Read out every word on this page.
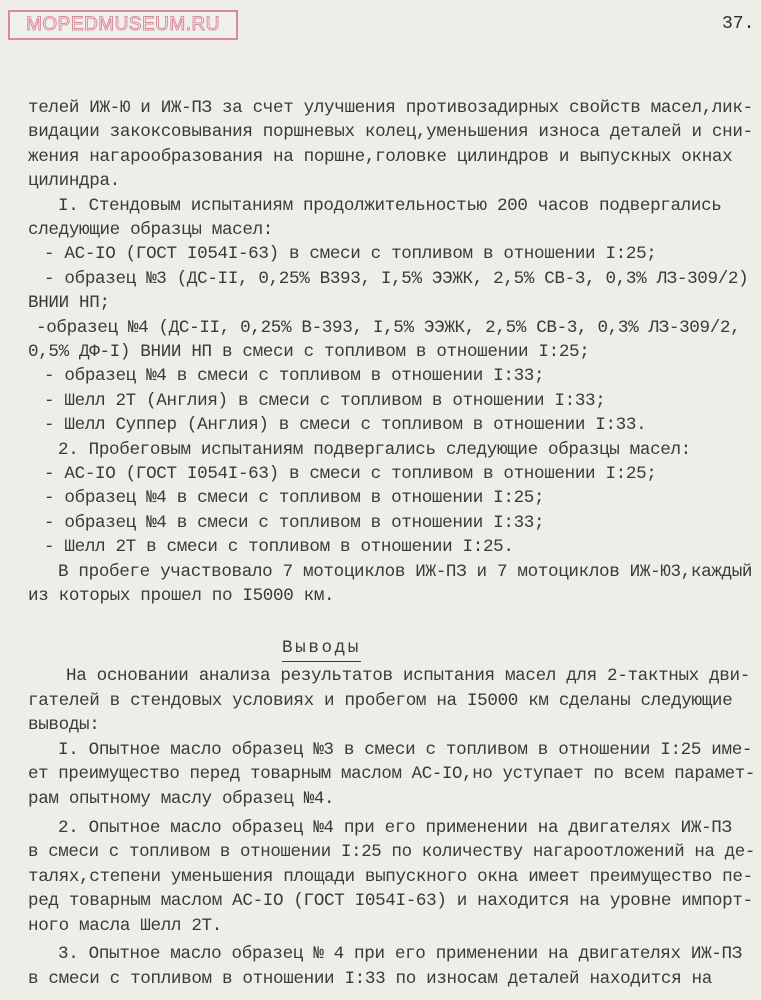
MOPEDMUSEUM.RU	37.
телей ИЖ-Ю и ИЖ-ПЗ за счет улучшения противозадирных свойств масел,лик-
видации закоксовывания поршневых колец,уменьшения износа деталей и сни-
жения нагарообразования на поршне,головке цилиндров и выпускных окнах
цилиндра.
I. Стендовым испытаниям продолжительностью 200 часов подвергались
следующие образцы масел:
- АС-IО (ГОСТ I054I-63) в смеси с топливом в отношении I:25;
- образец №3 (ДС-II, 0,25% В393, I,5% ЭЭЖК, 2,5% СВ-3, 0,3% ЛЗ-309/2)
ВНИИ НП;
-образец №4 (ДС-II, 0,25% В-393, I,5% ЭЭЖК, 2,5% СВ-3, 0,3% ЛЗ-309/2,
0,5% ДФ-I) ВНИИ НП в смеси с топливом в отношении I:25;
- образец №4 в смеси с топливом в отношении I:33;
- Шелл 2Т (Англия) в смеси с топливом в отношении I:33;
- Шелл Суппер (Англия) в смеси с топливом в отношении I:33.
2. Пробеговым испытаниям подвергались следующие образцы масел:
- АС-IО (ГОСТ I054I-63) в смеси с топливом в отношении I:25;
- образец №4 в смеси с топливом в отношении I:25;
- образец №4 в смеси с топливом в отношении I:33;
- Шелл 2Т в смеси с топливом в отношении I:25.
В пробеге участвовало 7 мотоциклов ИЖ-ПЗ и 7 мотоциклов ИЖ-Ю3,каждый
из которых прошел по I5000 км.
Выводы
На основании анализа результатов испытания масел для 2-тактных дви-
гателей в стендовых условиях и пробегом на I5000 км сделаны следующие
выводы:
I. Опытное масло образец №3 в смеси с топливом в отношении I:25 име-
ет преимущество перед товарным маслом АС-IО,но уступает по всем парамет-
рам опытному маслу образец №4.
2. Опытное масло образец №4 при его применении на двигателях ИЖ-ПЗ
в смеси с топливом в отношении I:25 по количеству нагароотложений на де-
талях,степени уменьшения площади выпускного окна имеет преимущество пе-
ред товарным маслом АС-IО (ГОСТ I054I-63) и находится на уровне импорт-
ного масла Шелл 2Т.
3. Опытное масло образец № 4 при его применении на двигателях ИЖ-ПЗ
в смеси с топливом в отношении I:33 по износам деталей находится на
